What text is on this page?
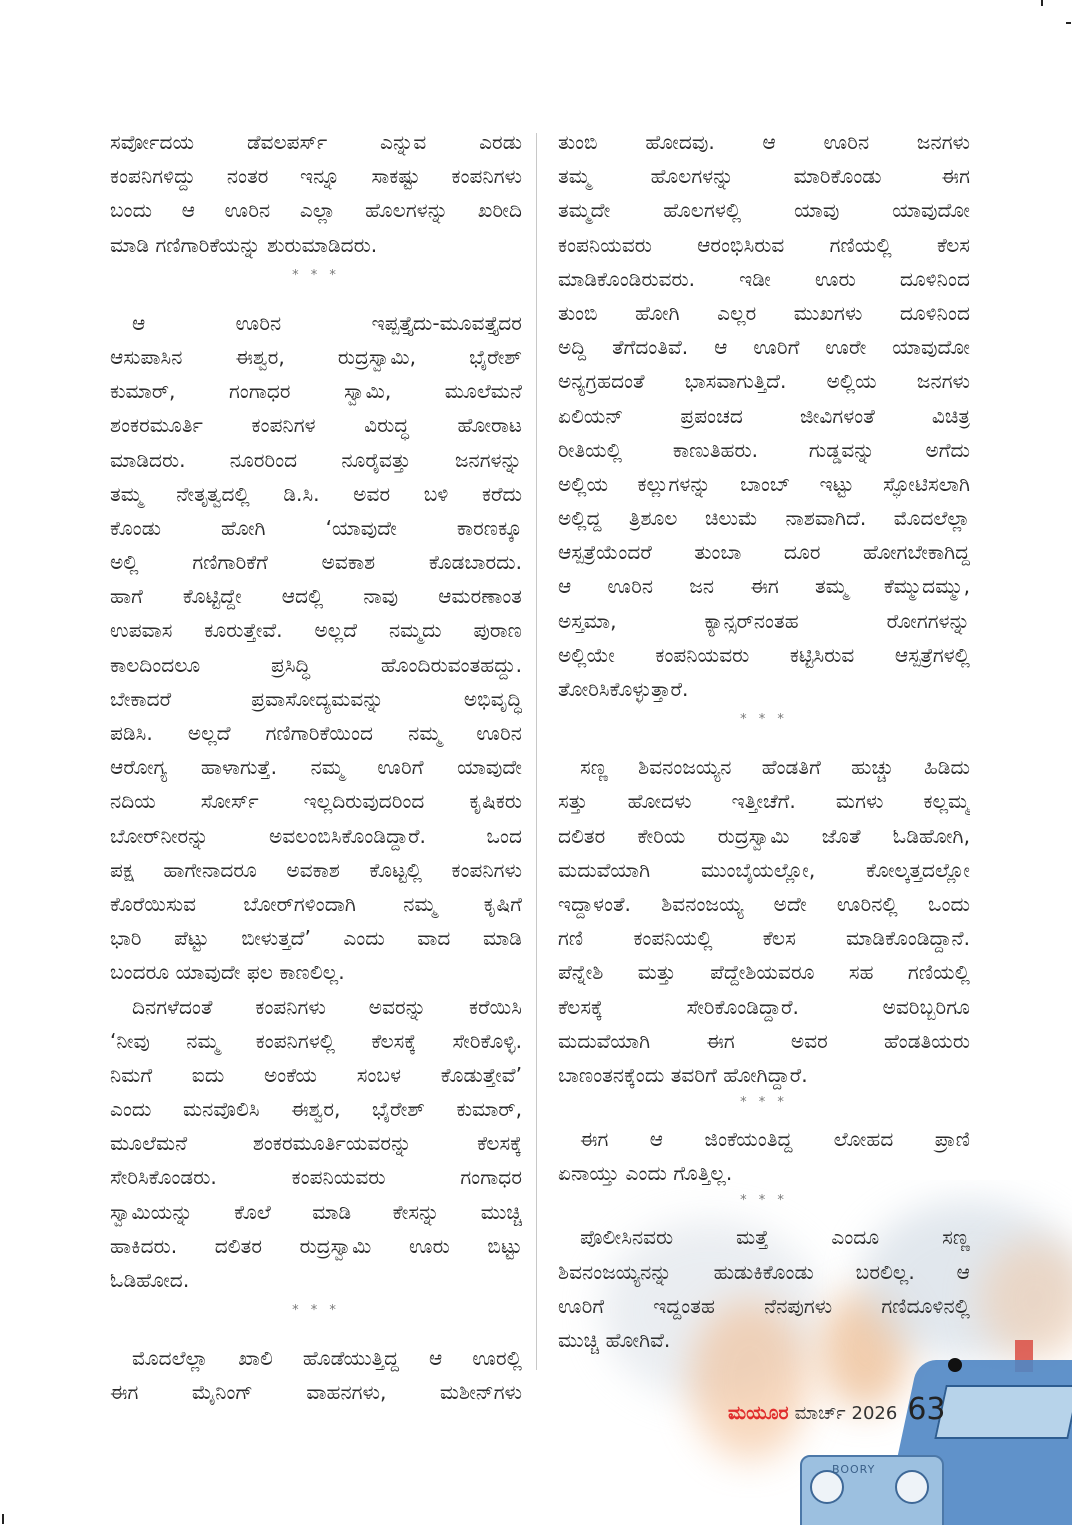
BOORY
ಸರ್ವೋದಯ ಡೆವಲಪರ್ಸ್ ಎನ್ನುವ ಎರಡು
ಕಂಪನಿಗಳಿದ್ದು ನಂತರ ಇನ್ನೂ ಸಾಕಷ್ಟು ಕಂಪನಿಗಳು
ಬಂದು ಆ ಊರಿನ ಎಲ್ಲಾ ಹೊಲಗಳನ್ನು ಖರೀದಿ
ಮಾಡಿ ಗಣಿಗಾರಿಕೆಯನ್ನು ಶುರುಮಾಡಿದರು.
* * *
ಆ ಊರಿನ ಇಪ್ಪತ್ತೈದು-ಮೂವತ್ತೈದರ
ಆಸುಪಾಸಿನ ಈಶ್ವರ, ರುದ್ರಸ್ವಾಮಿ, ಭೈರೇಶ್
ಕುಮಾರ್, ಗಂಗಾಧರ ಸ್ವಾಮಿ, ಮೂಲೆಮನೆ
ಶಂಕರಮೂರ್ತಿ ಕಂಪನಿಗಳ ವಿರುದ್ಧ ಹೋರಾಟ
ಮಾಡಿದರು. ನೂರರಿಂದ ನೂರೈವತ್ತು ಜನಗಳನ್ನು
ತಮ್ಮ ನೇತೃತ್ವದಲ್ಲಿ ಡಿ.ಸಿ. ಅವರ ಬಳಿ ಕರೆದು
ಕೊಂಡು ಹೋಗಿ ‘ಯಾವುದೇ ಕಾರಣಕ್ಕೂ
ಅಲ್ಲಿ ಗಣಿಗಾರಿಕೆಗೆ ಅವಕಾಶ ಕೊಡಬಾರದು.
ಹಾಗೆ ಕೊಟ್ಟಿದ್ದೇ ಆದಲ್ಲಿ ನಾವು ಆಮರಣಾಂತ
ಉಪವಾಸ ಕೂರುತ್ತೇವೆ. ಅಲ್ಲದೆ ನಮ್ಮದು ಪುರಾಣ
ಕಾಲದಿಂದಲೂ ಪ್ರಸಿದ್ಧಿ ಹೊಂದಿರುವಂತಹದ್ದು.
ಬೇಕಾದರೆ ಪ್ರವಾಸೋದ್ಯಮವನ್ನು ಅಭಿವೃದ್ಧಿ
ಪಡಿಸಿ. ಅಲ್ಲದೆ ಗಣಿಗಾರಿಕೆಯಿಂದ ನಮ್ಮ ಊರಿನ
ಆರೋಗ್ಯ ಹಾಳಾಗುತ್ತೆ. ನಮ್ಮ ಊರಿಗೆ ಯಾವುದೇ
ನದಿಯ ಸೋರ್ಸ್ ಇಲ್ಲದಿರುವುದರಿಂದ ಕೃಷಿಕರು
ಬೋರ್‌ನೀರನ್ನು ಅವಲಂಬಿಸಿಕೊಂಡಿದ್ದಾರೆ. ಒಂದ
ಪಕ್ಷ ಹಾಗೇನಾದರೂ ಅವಕಾಶ ಕೊಟ್ಟಲ್ಲಿ ಕಂಪನಿಗಳು
ಕೊರೆಯಿಸುವ ಬೋರ್‌ಗಳಿಂದಾಗಿ ನಮ್ಮ ಕೃಷಿಗೆ
ಭಾರಿ ಪೆಟ್ಟು ಬೀಳುತ್ತದೆ’ ಎಂದು ವಾದ ಮಾಡಿ
ಬಂದರೂ ಯಾವುದೇ ಫಲ ಕಾಣಲಿಲ್ಲ.
ದಿನಗಳೆದಂತೆ ಕಂಪನಿಗಳು ಅವರನ್ನು ಕರೆಯಿಸಿ
‘ನೀವು ನಮ್ಮ ಕಂಪನಿಗಳಲ್ಲಿ ಕೆಲಸಕ್ಕೆ ಸೇರಿಕೊಳ್ಳಿ.
ನಿಮಗೆ ಐದು ಅಂಕೆಯ ಸಂಬಳ ಕೊಡುತ್ತೇವೆ’
ಎಂದು ಮನವೊಲಿಸಿ ಈಶ್ವರ, ಭೈರೇಶ್ ಕುಮಾರ್,
ಮೂಲೆಮನೆ ಶಂಕರಮೂರ್ತಿಯವರನ್ನು ಕೆಲಸಕ್ಕೆ
ಸೇರಿಸಿಕೊಂಡರು. ಕಂಪನಿಯವರು ಗಂಗಾಧರ
ಸ್ವಾಮಿಯನ್ನು ಕೊಲೆ ಮಾಡಿ ಕೇಸನ್ನು ಮುಚ್ಚಿ
ಹಾಕಿದರು. ದಲಿತರ ರುದ್ರಸ್ವಾಮಿ ಊರು ಬಿಟ್ಟು
ಓಡಿಹೋದ.
* * *
ಮೊದಲೆಲ್ಲಾ ಖಾಲಿ ಹೊಡೆಯುತ್ತಿದ್ದ ಆ ಊರಲ್ಲಿ
ಈಗ ಮೈನಿಂಗ್ ವಾಹನಗಳು, ಮಶೀನ್‌ಗಳು
ತುಂಬಿ ಹೋದವು. ಆ ಊರಿನ ಜನಗಳು
ತಮ್ಮ ಹೊಲಗಳನ್ನು ಮಾರಿಕೊಂಡು ಈಗ
ತಮ್ಮದೇ ಹೊಲಗಳಲ್ಲಿ ಯಾವು ಯಾವುದೋ
ಕಂಪನಿಯವರು ಆರಂಭಿಸಿರುವ ಗಣಿಯಲ್ಲಿ ಕೆಲಸ
ಮಾಡಿಕೊಂಡಿರುವರು. ಇಡೀ ಊರು ದೂಳಿನಿಂದ
ತುಂಬಿ ಹೋಗಿ ಎಲ್ಲರ ಮುಖಗಳು ದೂಳಿನಿಂದ
ಅದ್ದಿ ತೆಗೆದಂತಿವೆ. ಆ ಊರಿಗೆ ಊರೇ ಯಾವುದೋ
ಅನ್ಯಗ್ರಹದಂತೆ ಭಾಸವಾಗುತ್ತಿದೆ. ಅಲ್ಲಿಯ ಜನಗಳು
ಏಲಿಯನ್ ಪ್ರಪಂಚದ ಜೀವಿಗಳಂತೆ ವಿಚಿತ್ರ
ರೀತಿಯಲ್ಲಿ ಕಾಣುತಿಹರು. ಗುಡ್ಡವನ್ನು ಅಗೆದು
ಅಲ್ಲಿಯ ಕಲ್ಲುಗಳನ್ನು ಬಾಂಬ್ ಇಟ್ಟು ಸ್ಫೋಟಿಸಲಾಗಿ
ಅಲ್ಲಿದ್ದ ತ್ರಿಶೂಲ ಚಿಲುಮೆ ನಾಶವಾಗಿದೆ. ಮೊದಲೆಲ್ಲಾ
ಆಸ್ಪತ್ರೆಯೆಂದರೆ ತುಂಬಾ ದೂರ ಹೋಗಬೇಕಾಗಿದ್ದ
ಆ ಊರಿನ ಜನ ಈಗ ತಮ್ಮ ಕೆಮ್ಮುದಮ್ಮು,
ಅಸ್ತಮಾ, ಕ್ಯಾನ್ಸರ್‌ನಂತಹ ರೋಗಗಳನ್ನು
ಅಲ್ಲಿಯೇ ಕಂಪನಿಯವರು ಕಟ್ಟಿಸಿರುವ ಆಸ್ಪತ್ರೆಗಳಲ್ಲಿ
ತೋರಿಸಿಕೊಳ್ಳುತ್ತಾರೆ.
* * *
ಸಣ್ಣ ಶಿವನಂಜಯ್ಯನ ಹೆಂಡತಿಗೆ ಹುಚ್ಚು ಹಿಡಿದು
ಸತ್ತು ಹೋದಳು ಇತ್ತೀಚೆಗೆ. ಮಗಳು ಕಲ್ಲಮ್ಮ
ದಲಿತರ ಕೇರಿಯ ರುದ್ರಸ್ವಾಮಿ ಜೊತೆ ಓಡಿಹೋಗಿ,
ಮದುವೆಯಾಗಿ ಮುಂಬೈಯಲ್ಲೋ, ಕೋಲ್ಕತ್ತದಲ್ಲೋ
ಇದ್ದಾಳಂತೆ. ಶಿವನಂಜಯ್ಯ ಅದೇ ಊರಿನಲ್ಲಿ ಒಂದು
ಗಣಿ ಕಂಪನಿಯಲ್ಲಿ ಕೆಲಸ ಮಾಡಿಕೊಂಡಿದ್ದಾನೆ.
ಪೆನ್ನೇಶಿ ಮತ್ತು ಪೆದ್ದೇಶಿಯವರೂ ಸಹ ಗಣಿಯಲ್ಲಿ
ಕೆಲಸಕ್ಕೆ ಸೇರಿಕೊಂಡಿದ್ದಾರೆ. ಅವರಿಬ್ಬರಿಗೂ
ಮದುವೆಯಾಗಿ ಈಗ ಅವರ ಹೆಂಡತಿಯರು
ಬಾಣಂತನಕ್ಕೆಂದು ತವರಿಗೆ ಹೋಗಿದ್ದಾರೆ.
* * *
ಈಗ ಆ ಜಿಂಕೆಯಂತಿದ್ದ ಲೋಹದ ಪ್ರಾಣಿ
ಏನಾಯ್ತು ಎಂದು ಗೊತ್ತಿಲ್ಲ.
* * *
ಪೊಲೀಸಿನವರು ಮತ್ತೆ ಎಂದೂ ಸಣ್ಣ
ಶಿವನಂಜಯ್ಯನನ್ನು ಹುಡುಕಿಕೊಂಡು ಬರಲಿಲ್ಲ. ಆ
ಊರಿಗೆ ಇದ್ದಂತಹ ನೆನಪುಗಳು ಗಣಿದೂಳಿನಲ್ಲಿ
ಮುಚ್ಚಿ ಹೋಗಿವೆ.
ಮಯೂರ ಮಾರ್ಚ್ 2026 63
